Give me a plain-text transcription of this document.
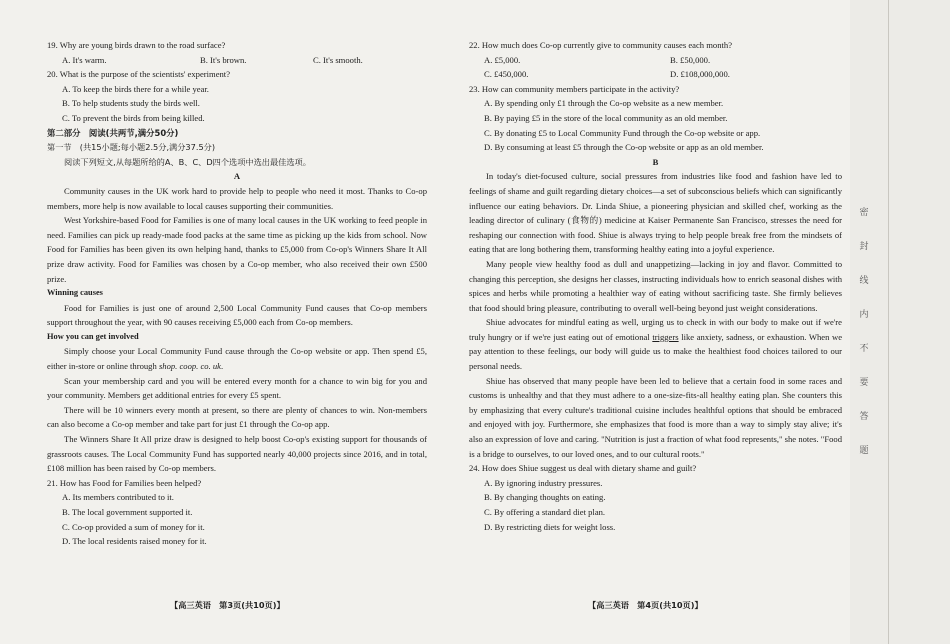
密
封
线
内
不
要
答
题

19. Why are young birds drawn to the road surface?

A. It's warm.	B. It's brown.	C. It's smooth.

20. What is the purpose of the scientists' experiment?

A. To keep the birds there for a while year.

B. To help students study the birds well.

C. To prevent the birds from being killed.

第二部分　阅读(共两节,满分50分)

第一节　(共15小题;每小题2.5分,满分37.5分)

阅读下列短文,从每题所给的A、B、C、D四个选项中选出最佳选项。

A

Community causes in the UK work hard to provide help to people who need it most. Thanks to Co-op members, more help is now available to local causes supporting their communities.

West Yorkshire-based Food for Families is one of many local causes in the UK working to feed people in need. Families can pick up ready-made food packs at the same time as picking up the kids from school. Now Food for Families has been given its own helping hand, thanks to £5,000 from Co-op's Winners Share It All prize draw activity. Food for Families was chosen by a Co-op member, who also received their own £500 prize.

Winning causes

Food for Families is just one of around 2,500 Local Community Fund causes that Co-op members support throughout the year, with 90 causes receiving £5,000 each from Co-op members.

How you can get involved

Simply choose your Local Community Fund cause through the Co-op website or app. Then spend £5, either in-store or online through shop. coop. co. uk.

Scan your membership card and you will be entered every month for a chance to win big for you and your community. Members get additional entries for every £5 spent.

There will be 10 winners every month at present, so there are plenty of chances to win. Non-members can also become a Co-op member and take part for just £1 through the Co-op app.

The Winners Share It All prize draw is designed to help boost Co-op's existing support for thousands of grassroots causes. The Local Community Fund has supported nearly 40,000 projects since 2016, and in total, £108 million has been raised by Co-op members.

21. How has Food for Families been helped?

A. Its members contributed to it.

B. The local government supported it.

C. Co-op provided a sum of money for it.

D. The local residents raised money for it.

22. How much does Co-op currently give to community causes each month?

A. £5,000.	B. £50,000.
C. £450,000.	D. £108,000,000.

23. How can community members participate in the activity?

A. By spending only £1 through the Co-op website as a new member.

B. By paying £5 in the store of the local community as an old member.

C. By donating £5 to Local Community Fund through the Co-op website or app.

D. By consuming at least £5 through the Co-op website or app as an old member.

B

In today's diet-focused culture, social pressures from industries like food and fashion have led to feelings of shame and guilt regarding dietary choices—a set of subconscious beliefs which can significantly influence our eating behaviors. Dr. Linda Shiue, a pioneering physician and skilled chef, working as the leading director of culinary (食物的) medicine at Kaiser Permanente San Francisco, stresses the need for reshaping our connection with food. Shiue is always trying to help people break free from the mindsets of eating that are long bothering them, transforming healthy eating into a joyful experience.

Many people view healthy food as dull and unappetizing—lacking in joy and flavor. Committed to changing this perception, she designs her classes, instructing individuals how to enrich seasonal dishes with spices and herbs while promoting a healthier way of eating without sacrificing taste. She firmly believes that food should bring pleasure, contributing to overall well-being beyond just weight considerations.

Shiue advocates for mindful eating as well, urging us to check in with our body to make out if we're truly hungry or if we're just eating out of emotional triggers like anxiety, sadness, or exhaustion. When we pay attention to these feelings, our body will guide us to make the healthiest food choices tailored to our personal needs.

Shiue has observed that many people have been led to believe that a certain food in some races and customs is unhealthy and that they must adhere to a one-size-fits-all healthy eating plan. She counters this by emphasizing that every culture's traditional cuisine includes healthful options that should be embraced and enjoyed with joy. Furthermore, she emphasizes that food is more than a way to simply stay alive; it's also an expression of love and caring. "Nutrition is just a fraction of what food represents," she notes. "Food is a bridge to ourselves, to our loved ones, and to our cultural roots."

24. How does Shiue suggest us deal with dietary shame and guilt?

A. By ignoring industry pressures.

B. By changing thoughts on eating.

C. By offering a standard diet plan.

D. By restricting diets for weight loss.

【高三英语　第3页(共10页)】	【高三英语　第4页(共10页)】
